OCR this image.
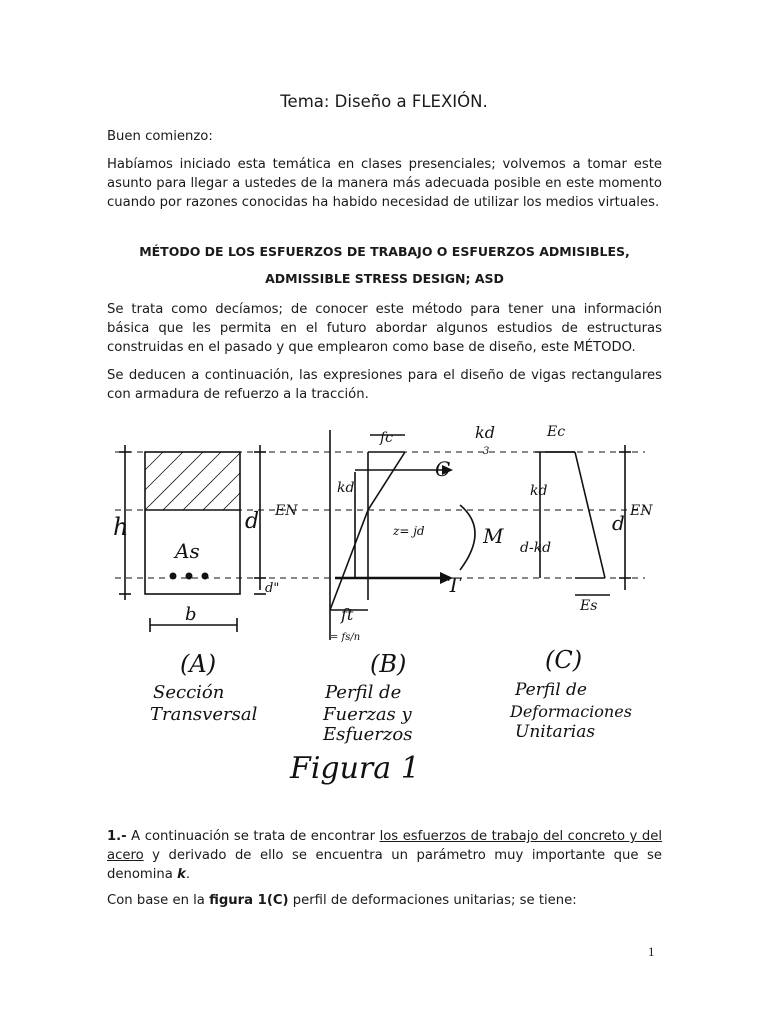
Tema: Diseño a FLEXIÓN.

Buen comienzo:

Habíamos iniciado esta temática en clases presenciales; volvemos a tomar este asunto para llegar a ustedes de la manera más adecuada posible en este momento cuando por razones conocidas ha habido necesidad de utilizar los medios virtuales.

MÉTODO DE LOS ESFUERZOS DE TRABAJO O ESFUERZOS ADMISIBLES,

ADMISSIBLE STRESS DESIGN; ASD

Se trata como decíamos; de conocer este método para tener una información básica que les permita en el futuro abordar algunos estudios de estructuras construidas en el pasado y que emplearon como base de diseño, este MÉTODO.

Se deducen a continuación, las expresiones para el diseño de vigas rectangulares con armadura de refuerzo a la tracción.

h	d EN
As
d"
b
fc	kd
3
kd
C
z= jd	M
T
ft
= fs/n
Ec
kd
d-kd
d EN
Es
(A)
Sección
Transversal
(B)
Perfil de
Fuerzas y
Esfuerzos
(C)
Perfil de
Deformaciones
Unitarias
Figura 1

1.- A continuación se trata de encontrar los esfuerzos de trabajo del concreto y del acero y derivado de ello se encuentra un parámetro muy importante que se denomina k.

Con base en la figura 1(C) perfil de deformaciones unitarias; se tiene:

1
